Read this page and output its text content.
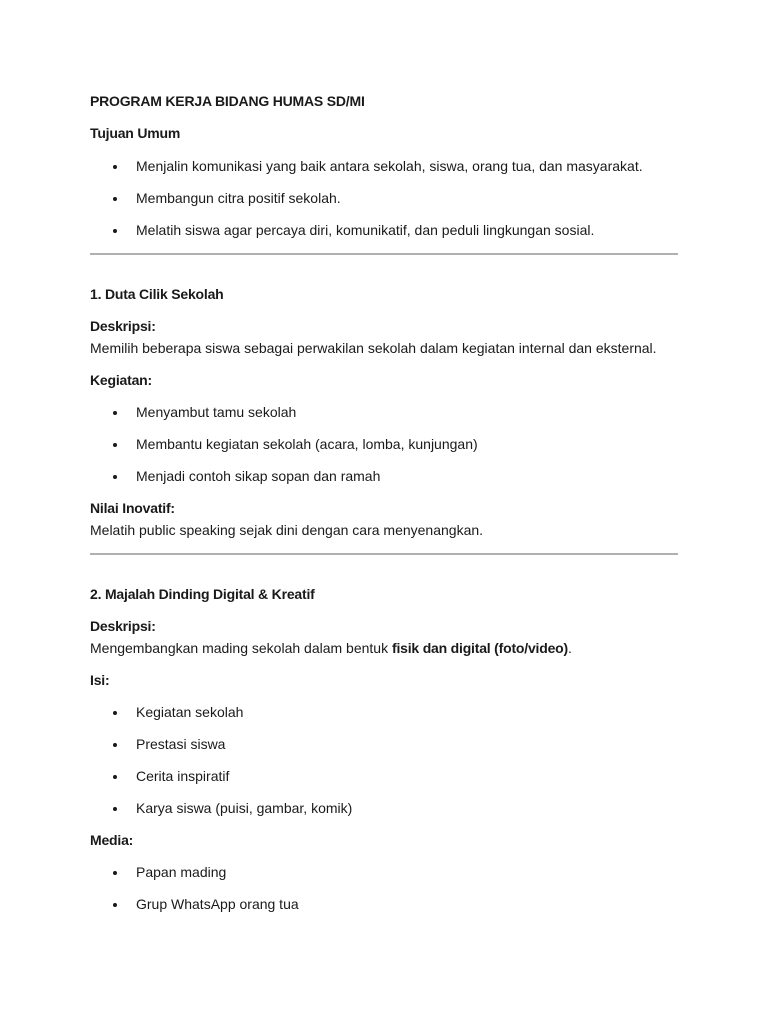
PROGRAM KERJA BIDANG HUMAS SD/MI
Tujuan Umum
Menjalin komunikasi yang baik antara sekolah, siswa, orang tua, dan masyarakat.
Membangun citra positif sekolah.
Melatih siswa agar percaya diri, komunikatif, dan peduli lingkungan sosial.
1. Duta Cilik Sekolah
Deskripsi:
Memilih beberapa siswa sebagai perwakilan sekolah dalam kegiatan internal dan eksternal.
Kegiatan:
Menyambut tamu sekolah
Membantu kegiatan sekolah (acara, lomba, kunjungan)
Menjadi contoh sikap sopan dan ramah
Nilai Inovatif:
Melatih public speaking sejak dini dengan cara menyenangkan.
2. Majalah Dinding Digital & Kreatif
Deskripsi:
Mengembangkan mading sekolah dalam bentuk fisik dan digital (foto/video).
Isi:
Kegiatan sekolah
Prestasi siswa
Cerita inspiratif
Karya siswa (puisi, gambar, komik)
Media:
Papan mading
Grup WhatsApp orang tua
